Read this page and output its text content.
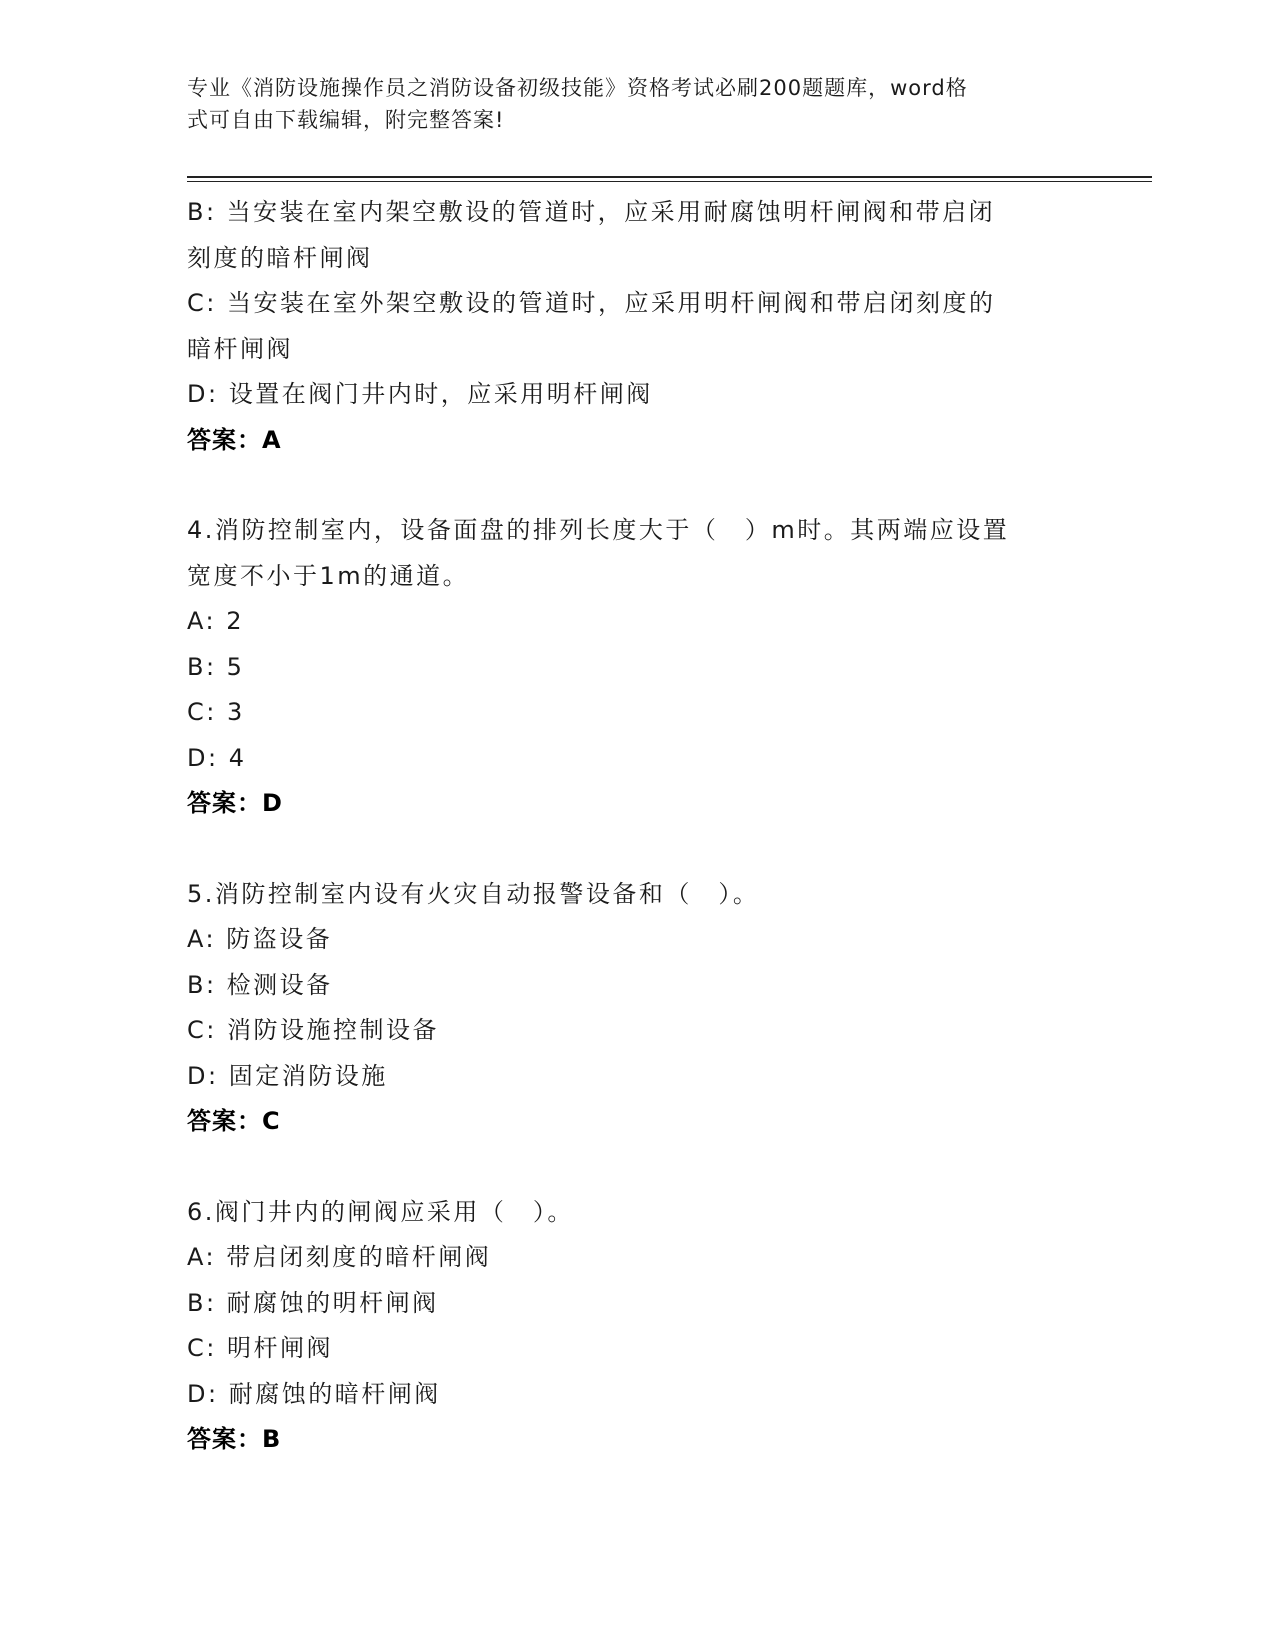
专业《消防设施操作员之消防设备初级技能》资格考试必刷200题题库，word格
式可自由下载编辑，附完整答案!
B: 当安装在室内架空敷设的管道时，应采用耐腐蚀明杆闸阀和带启闭
刻度的暗杆闸阀
C: 当安装在室外架空敷设的管道时，应采用明杆闸阀和带启闭刻度的
暗杆闸阀
D: 设置在阀门井内时，应采用明杆闸阀
答案：A
4.消防控制室内，设备面盘的排列长度大于（　）m时。其两端应设置
宽度不小于1m的通道。
A: 2
B: 5
C: 3
D: 4
答案：D
5.消防控制室内设有火灾自动报警设备和（　）。
A: 防盗设备
B: 检测设备
C: 消防设施控制设备
D: 固定消防设施
答案：C
6.阀门井内的闸阀应采用（　）。
A: 带启闭刻度的暗杆闸阀
B: 耐腐蚀的明杆闸阀
C: 明杆闸阀
D: 耐腐蚀的暗杆闸阀
答案：B
